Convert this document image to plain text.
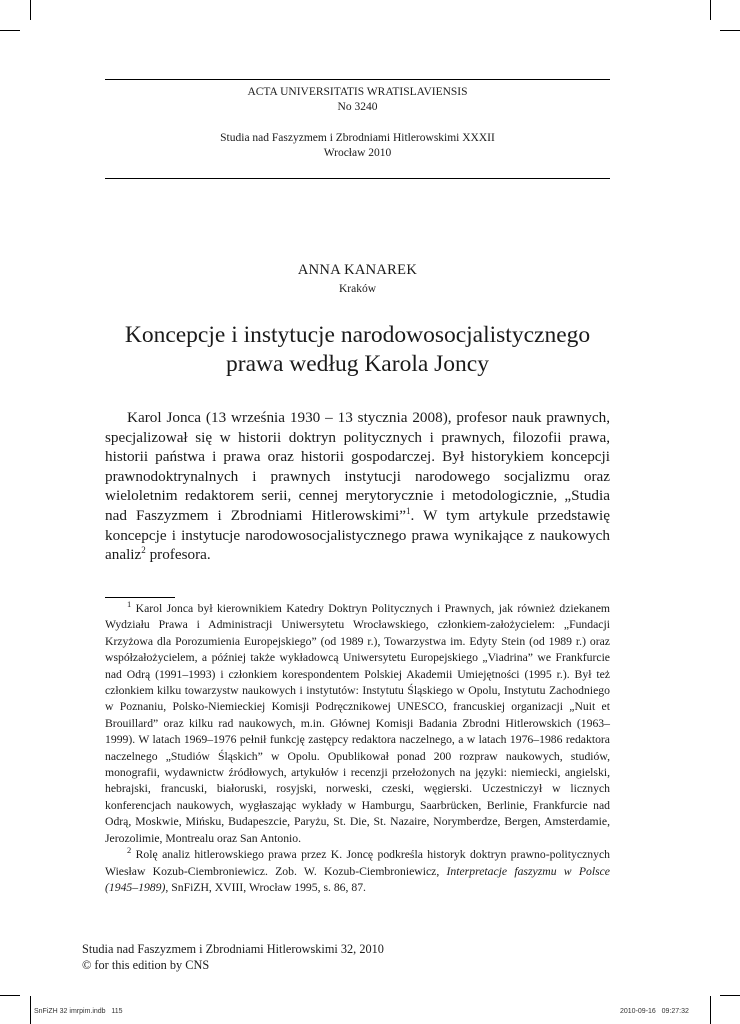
ACTA UNIVERSITATIS WRATISLAVIENSIS
No 3240
Studia nad Faszyzmem i Zbrodniami Hitlerowskimi XXXII
Wrocław 2010
ANNA KANAREK
Kraków
Koncepcje i instytucje narodowosocjalistycznego
prawa według Karola Joncy

Karol Jonca (13 września 1930 – 13 stycznia 2008), profesor nauk prawnych, specjalizował się w historii doktryn politycznych i prawnych, filozofii prawa, historii państwa i prawa oraz historii gospodarczej. Był historykiem koncepcji prawnodoktrynalnych i prawnych instytucji narodowego socjalizmu oraz wieloletnim redaktorem serii, cennej merytorycznie i metodologicznie, „Studia nad Faszyzmem i Zbrodniami Hitlerowskimi”$^1$. W tym artykule przedstawię koncepcje i instytucje narodowosocjalistycznego prawa wynikające z naukowych analiz$^2$ profesora.

$^1$ Karol Jonca był kierownikiem Katedry Doktryn Politycznych i Prawnych, jak również dziekanem Wydziału Prawa i Administracji Uniwersytetu Wrocławskiego, członkiem-założycielem: „Fundacji Krzyżowa dla Porozumienia Europejskiego” (od 1989 r.), Towarzystwa im. Edyty Stein (od 1989 r.) oraz współzałożycielem, a później także wykładowcą Uniwersytetu Europejskiego „Viadrina” we Frankfurcie nad Odrą (1991–1993) i członkiem korespondentem Polskiej Akademii Umiejętności (1995 r.). Był też członkiem kilku towarzystw naukowych i instytutów: Instytutu Śląskiego w Opolu, Instytutu Zachodniego w Poznaniu, Polsko-Niemieckiej Komisji Podręcznikowej UNESCO, francuskiej organizacji „Nuit et Brouillard” oraz kilku rad naukowych, m.in. Głównej Komisji Badania Zbrodni Hitlerowskich (1963–1999). W latach 1969–1976 pełnił funkcję zastępcy redaktora naczelnego, a w latach 1976–1986 redaktora naczelnego „Studiów Śląskich” w Opolu. Opublikował ponad 200 rozpraw naukowych, studiów, monografii, wydawnictw źródłowych, artykułów i recenzji przełożonych na języki: niemiecki, angielski, hebrajski, francuski, białoruski, rosyjski, norweski, czeski, węgierski. Uczestniczył w licznych konferencjach naukowych, wygłaszając wykłady w Hamburgu, Saarbrücken, Berlinie, Frankfurcie nad Odrą, Moskwie, Mińsku, Budapeszcie, Paryżu, St. Die, St. Nazaire, Norymberdze, Bergen, Amsterdamie, Jerozolimie, Montrealu oraz San Antonio.

$^2$ Rolę analiz hitlerowskiego prawa przez K. Joncę podkreśla historyk doktryn prawno-politycznych Wiesław Kozub-Ciembroniewicz. Zob. W. Kozub-Ciembroniewicz, Interpretacje faszyzmu w Polsce (1945–1989), SnFiZH, XVIII, Wrocław 1995, s. 86, 87.

Studia nad Faszyzmem i Zbrodniami Hitlerowskimi 32, 2010
© for this edition by CNS
SnFiZH 32 imrpim.indb   115	2010-09-16   09:27:32
